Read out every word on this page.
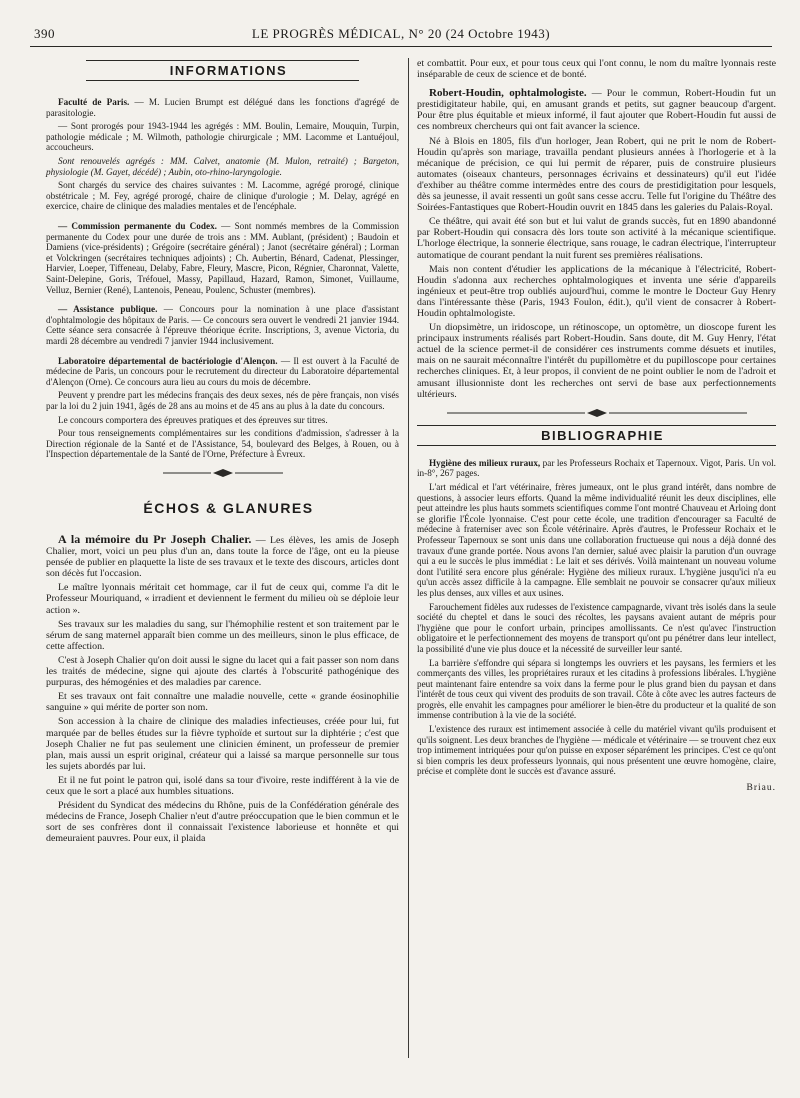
390	LE PROGRÈS MÉDICAL, N° 20 (24 Octobre 1943)

INFORMATIONS

Faculté de Paris. — M. Lucien Brumpt est délégué dans les fonctions d'agrégé de parasitologie.

— Sont prorogés pour 1943-1944 les agrégés : MM. Boulin, Lemaire, Mouquin, Turpin, pathologie médicale ; M. Wilmoth, pathologie chirurgicale ; MM. Lacomme et Lantuéjoul, accoucheurs.

Sont renouvelés agrégés : MM. Calvet, anatomie (M. Mulon, retraité) ; Bargeton, physiologie (M. Gayet, décédé) ; Aubin, oto-rhino-laryngologie.

Sont chargés du service des chaires suivantes : M. Lacomme, agrégé prorogé, clinique obstétricale ; M. Fey, agrégé prorogé, chaire de clinique d'urologie ; M. Delay, agrégé en exercice, chaire de clinique des maladies mentales et de l'encéphale.

— Commission permanente du Codex. — Sont nommés membres de la Commission permanente du Codex pour une durée de trois ans : MM. Aublant, (président) ; Baudoin et Damiens (vice-présidents) ; Grégoire (secrétaire général) ; Janot (secrétaire général) ; Lorman et Volckringen (secrétaires techniques adjoints) ; Ch. Aubertin, Bénard, Cadenat, Plessinger, Harvier, Loeper, Tiffeneau, Delaby, Fabre, Fleury, Mascre, Picon, Régnier, Charonnat, Valette, Saint-Delepine, Goris, Tréfouel, Massy, Papillaud, Hazard, Ramon, Simonet, Vuillaume, Velluz, Bernier (René), Lantenois, Peneau, Poulenc, Schuster (membres).

— Assistance publique. — Concours pour la nomination à une place d'assistant d'ophtalmologie des hôpitaux de Paris. — Ce concours sera ouvert le vendredi 21 janvier 1944. Cette séance sera consacrée à l'épreuve théorique écrite. Inscriptions, 3, avenue Victoria, du mardi 28 décembre au vendredi 7 janvier 1944 inclusivement.

Laboratoire départemental de bactériologie d'Alençon. — Il est ouvert à la Faculté de médecine de Paris, un concours pour le recrutement du directeur du Laboratoire départemental d'Alençon (Orne). Ce concours aura lieu au cours du mois de décembre.

Peuvent y prendre part les médecins français des deux sexes, nés de père français, non visés par la loi du 2 juin 1941, âgés de 28 ans au moins et de 45 ans au plus à la date du concours.

Le concours comportera des épreuves pratiques et des épreuves sur titres.

Pour tous renseignements complémentaires sur les conditions d'admission, s'adresser à la Direction régionale de la Santé et de l'Assistance, 54, boulevard des Belges, à Rouen, ou à l'Inspection départementale de la Santé de l'Orne, Préfecture à Évreux.

ÉCHOS & GLANURES

A la mémoire du Pr Joseph Chalier. — Les élèves, les amis de Joseph Chalier, mort, voici un peu plus d'un an, dans toute la force de l'âge, ont eu la pieuse pensée de publier en plaquette la liste de ses travaux et le texte des discours, articles dont son décès fut l'occasion.

Le maître lyonnais méritait cet hommage, car il fut de ceux qui, comme l'a dit le Professeur Mouriquand, « irradient et deviennent le ferment du milieu où se déploie leur action ».

Ses travaux sur les maladies du sang, sur l'hémophilie restent et son traitement par le sérum de sang maternel apparaît bien comme un des meilleurs, sinon le plus efficace, de cette affection.

C'est à Joseph Chalier qu'on doit aussi le signe du lacet qui a fait passer son nom dans les traités de médecine, signe qui ajoute des clartés à l'obscurité pathogénique des purpuras, des hémogénies et des maladies par carence.

Et ses travaux ont fait connaître une maladie nouvelle, cette « grande éosinophilie sanguine » qui mérite de porter son nom.

Son accession à la chaire de clinique des maladies infectieuses, créée pour lui, fut marquée par de belles études sur la fièvre typhoïde et surtout sur la diphtérie ; c'est que Joseph Chalier ne fut pas seulement une clinicien éminent, un professeur de premier plan, mais aussi un esprit original, créateur qui a laissé sa marque personnelle sur tous les sujets abordés par lui.

Et il ne fut point le patron qui, isolé dans sa tour d'ivoire, reste indifférent à la vie de ceux que le sort a placé aux humbles situations.

Président du Syndicat des médecins du Rhône, puis de la Confédération générale des médecins de France, Joseph Chalier n'eut d'autre préoccupation que le bien commun et le sort de ses confrères dont il connaissait l'existence laborieuse et honnête et qui demeuraient pauvres. Pour eux, il plaida

et combattit. Pour eux, et pour tous ceux qui l'ont connu, le nom du maître lyonnais reste inséparable de ceux de science et de bonté.

Robert-Houdin, ophtalmologiste. — Pour le commun, Robert-Houdin fut un prestidigitateur habile, qui, en amusant grands et petits, sut gagner beaucoup d'argent. Pour être plus équitable et mieux informé, il faut ajouter que Robert-Houdin fut aussi de ces nombreux chercheurs qui ont fait avancer la science.

Né à Blois en 1805, fils d'un horloger, Jean Robert, qui ne prit le nom de Robert-Houdin qu'après son mariage, travailla pendant plusieurs années à l'horlogerie et à la mécanique de précision, ce qui lui permit de réparer, puis de construire plusieurs automates (oiseaux chanteurs, personnages écrivains et dessinateurs) qu'il eut l'idée d'exhiber au théâtre comme intermèdes entre des cours de prestidigitation pour lesquels, dès sa jeunesse, il avait ressenti un goût sans cesse accru. Telle fut l'origine du Théâtre des Soirées-Fantastiques que Robert-Houdin ouvrit en 1845 dans les galeries du Palais-Royal.

Ce théâtre, qui avait été son but et lui valut de grands succès, fut en 1890 abandonné par Robert-Houdin qui consacra dès lors toute son activité à la mécanique scientifique. L'horloge électrique, la sonnerie électrique, sans rouage, le cadran électrique, l'interrupteur automatique de courant pendant la nuit furent ses premières réalisations.

Mais non content d'étudier les applications de la mécanique à l'électricité, Robert-Houdin s'adonna aux recherches ophtalmologiques et inventa une série d'appareils ingénieux et peut-être trop oubliés aujourd'hui, comme le montre le Docteur Guy Henry dans l'intéressante thèse (Paris, 1943 Foulon, édit.), qu'il vient de consacrer à Robert-Houdin ophtalmologiste.

Un diopsimètre, un iridoscope, un rétinoscope, un optomètre, un dioscope furent les principaux instruments réalisés part Robert-Houdin. Sans doute, dit M. Guy Henry, l'état actuel de la science permet-il de considérer ces instruments comme désuets et inutiles, mais on ne saurait méconnaître l'intérêt du pupillomètre et du pupilloscope pour certaines recherches cliniques. Et, à leur propos, il convient de ne point oublier le nom de l'adroit et amusant illusionniste dont les recherches ont servi de base aux perfectionnements ultérieurs.

BIBLIOGRAPHIE

Hygiène des milieux ruraux, par les Professeurs Rochaix et Tapernoux. Vigot, Paris. Un vol. in-8°, 267 pages.

L'art médical et l'art vétérinaire, frères jumeaux, ont le plus grand intérêt, dans nombre de questions, à associer leurs efforts. Quand la même individualité réunit les deux disciplines, elle peut atteindre les plus hauts sommets scientifiques comme l'ont montré Chauveau et Arloing dont se glorifie l'École lyonnaise. C'est pour cette école, une tradition d'encourager sa Faculté de médecine à fraterniser avec son École vétérinaire. Après d'autres, le Professeur Rochaix et le Professeur Tapernoux se sont unis dans une collaboration fructueuse qui nous a déjà donné des travaux d'une grande portée. Nous avons l'an dernier, salué avec plaisir la parution d'un ouvrage qui a eu le succès le plus immédiat : Le lait et ses dérivés. Voilà maintenant un nouveau volume dont l'utilité sera encore plus générale: Hygiène des milieux ruraux. L'hygiène jusqu'ici n'a eu qu'un accès assez difficile à la campagne. Elle semblait ne pouvoir se consacrer qu'aux milieux les plus denses, aux villes et aux usines.

Farouchement fidèles aux rudesses de l'existence campagnarde, vivant très isolés dans la seule société du cheptel et dans le souci des récoltes, les paysans avaient autant de mépris pour l'hygiène que pour le confort urbain, principes amollissants. Ce n'est qu'avec l'instruction obligatoire et le perfectionnement des moyens de transport qu'ont pu pénétrer dans leur intellect, la possibilité d'une vie plus douce et la nécessité de surveiller leur santé.

La barrière s'effondre qui sépara si longtemps les ouvriers et les paysans, les fermiers et les commerçants des villes, les propriétaires ruraux et les citadins à professions libérales. L'hygiène peut maintenant faire entendre sa voix dans la ferme pour le plus grand bien du paysan et dans l'intérêt de tous ceux qui vivent des produits de son travail. Côte à côte avec les autres facteurs de progrès, elle envahit les campagnes pour améliorer le bien-être du producteur et la qualité de son immense contribution à la vie de la société.

L'existence des ruraux est intimement associée à celle du matériel vivant qu'ils produisent et qu'ils soignent. Les deux branches de l'hygiène — médicale et vétérinaire — se trouvent chez eux trop intimement intriquées pour qu'on puisse en exposer séparément les principes. C'est ce qu'ont si bien compris les deux professeurs lyonnais, qui nous présentent une œuvre homogène, claire, précise et complète dont le succès est d'avance assuré.

Briau.
